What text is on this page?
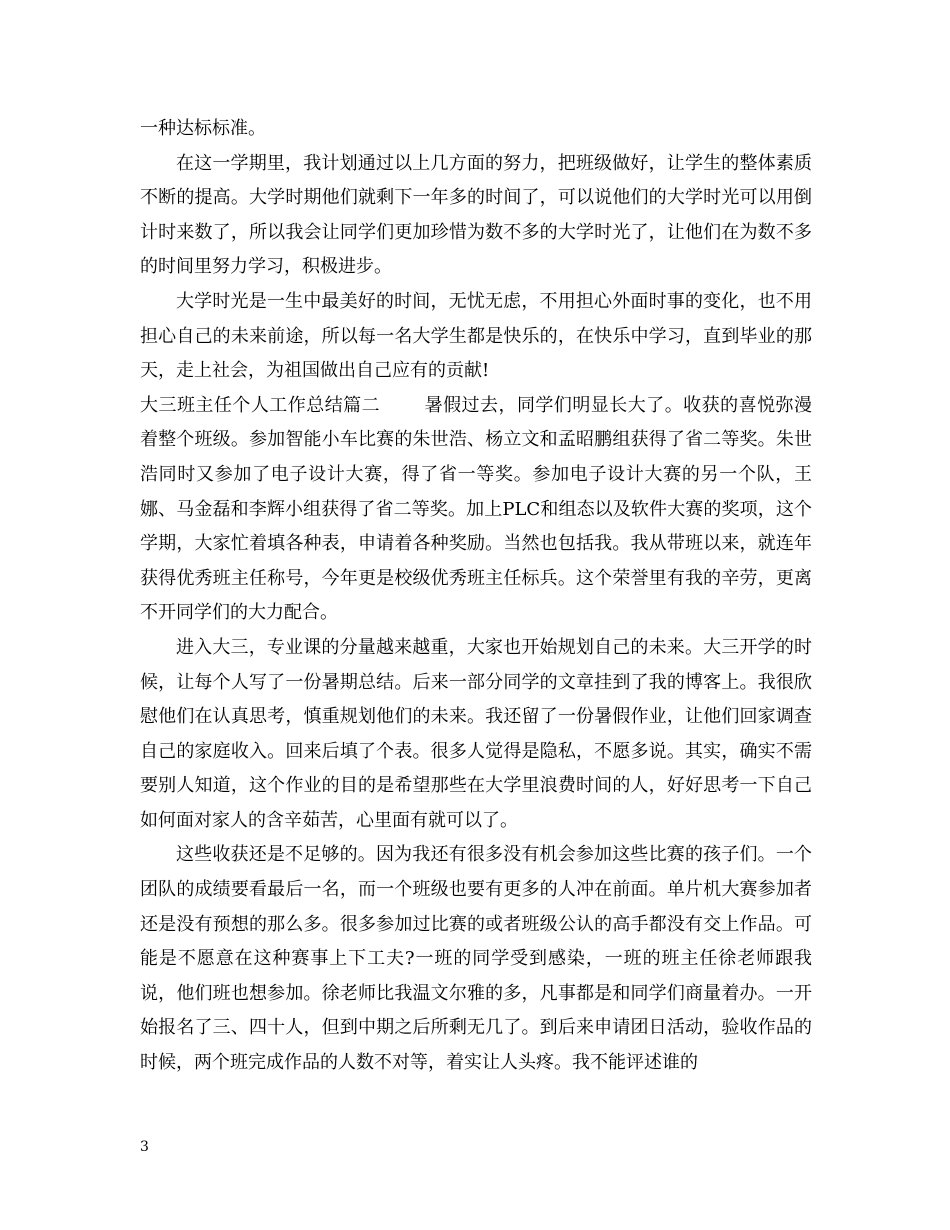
一种达标标准。

在这一学期里，我计划通过以上几方面的努力，把班级做好，让学生的整体素质不断的提高。大学时期他们就剩下一年多的时间了，可以说他们的大学时光可以用倒计时来数了，所以我会让同学们更加珍惜为数不多的大学时光了，让他们在为数不多的时间里努力学习，积极进步。

大学时光是一生中最美好的时间，无忧无虑，不用担心外面时事的变化，也不用担心自己的未来前途，所以每一名大学生都是快乐的，在快乐中学习，直到毕业的那天，走上社会，为祖国做出自己应有的贡献!

大三班主任个人工作总结篇二 暑假过去，同学们明显长大了。收获的喜悦弥漫着整个班级。参加智能小车比赛的朱世浩、杨立文和孟昭鹏组获得了省二等奖。朱世浩同时又参加了电子设计大赛，得了省一等奖。参加电子设计大赛的另一个队，王娜、马金磊和李辉小组获得了省二等奖。加上PLC和组态以及软件大赛的奖项，这个学期，大家忙着填各种表，申请着各种奖励。当然也包括我。我从带班以来，就连年获得优秀班主任称号，今年更是校级优秀班主任标兵。这个荣誉里有我的辛劳，更离不开同学们的大力配合。

进入大三，专业课的分量越来越重，大家也开始规划自己的未来。大三开学的时候，让每个人写了一份暑期总结。后来一部分同学的文章挂到了我的博客上。我很欣慰他们在认真思考，慎重规划他们的未来。我还留了一份暑假作业，让他们回家调查自己的家庭收入。回来后填了个表。很多人觉得是隐私，不愿多说。其实，确实不需要别人知道，这个作业的目的是希望那些在大学里浪费时间的人，好好思考一下自己如何面对家人的含辛茹苦，心里面有就可以了。

这些收获还是不足够的。因为我还有很多没有机会参加这些比赛的孩子们。一个团队的成绩要看最后一名，而一个班级也要有更多的人冲在前面。单片机大赛参加者还是没有预想的那么多。很多参加过比赛的或者班级公认的高手都没有交上作品。可能是不愿意在这种赛事上下工夫?一班的同学受到感染，一班的班主任徐老师跟我说，他们班也想参加。徐老师比我温文尔雅的多，凡事都是和同学们商量着办。一开始报名了三、四十人，但到中期之后所剩无几了。到后来申请团日活动，验收作品的时候，两个班完成作品的人数不对等，着实让人头疼。我不能评述谁的

3
